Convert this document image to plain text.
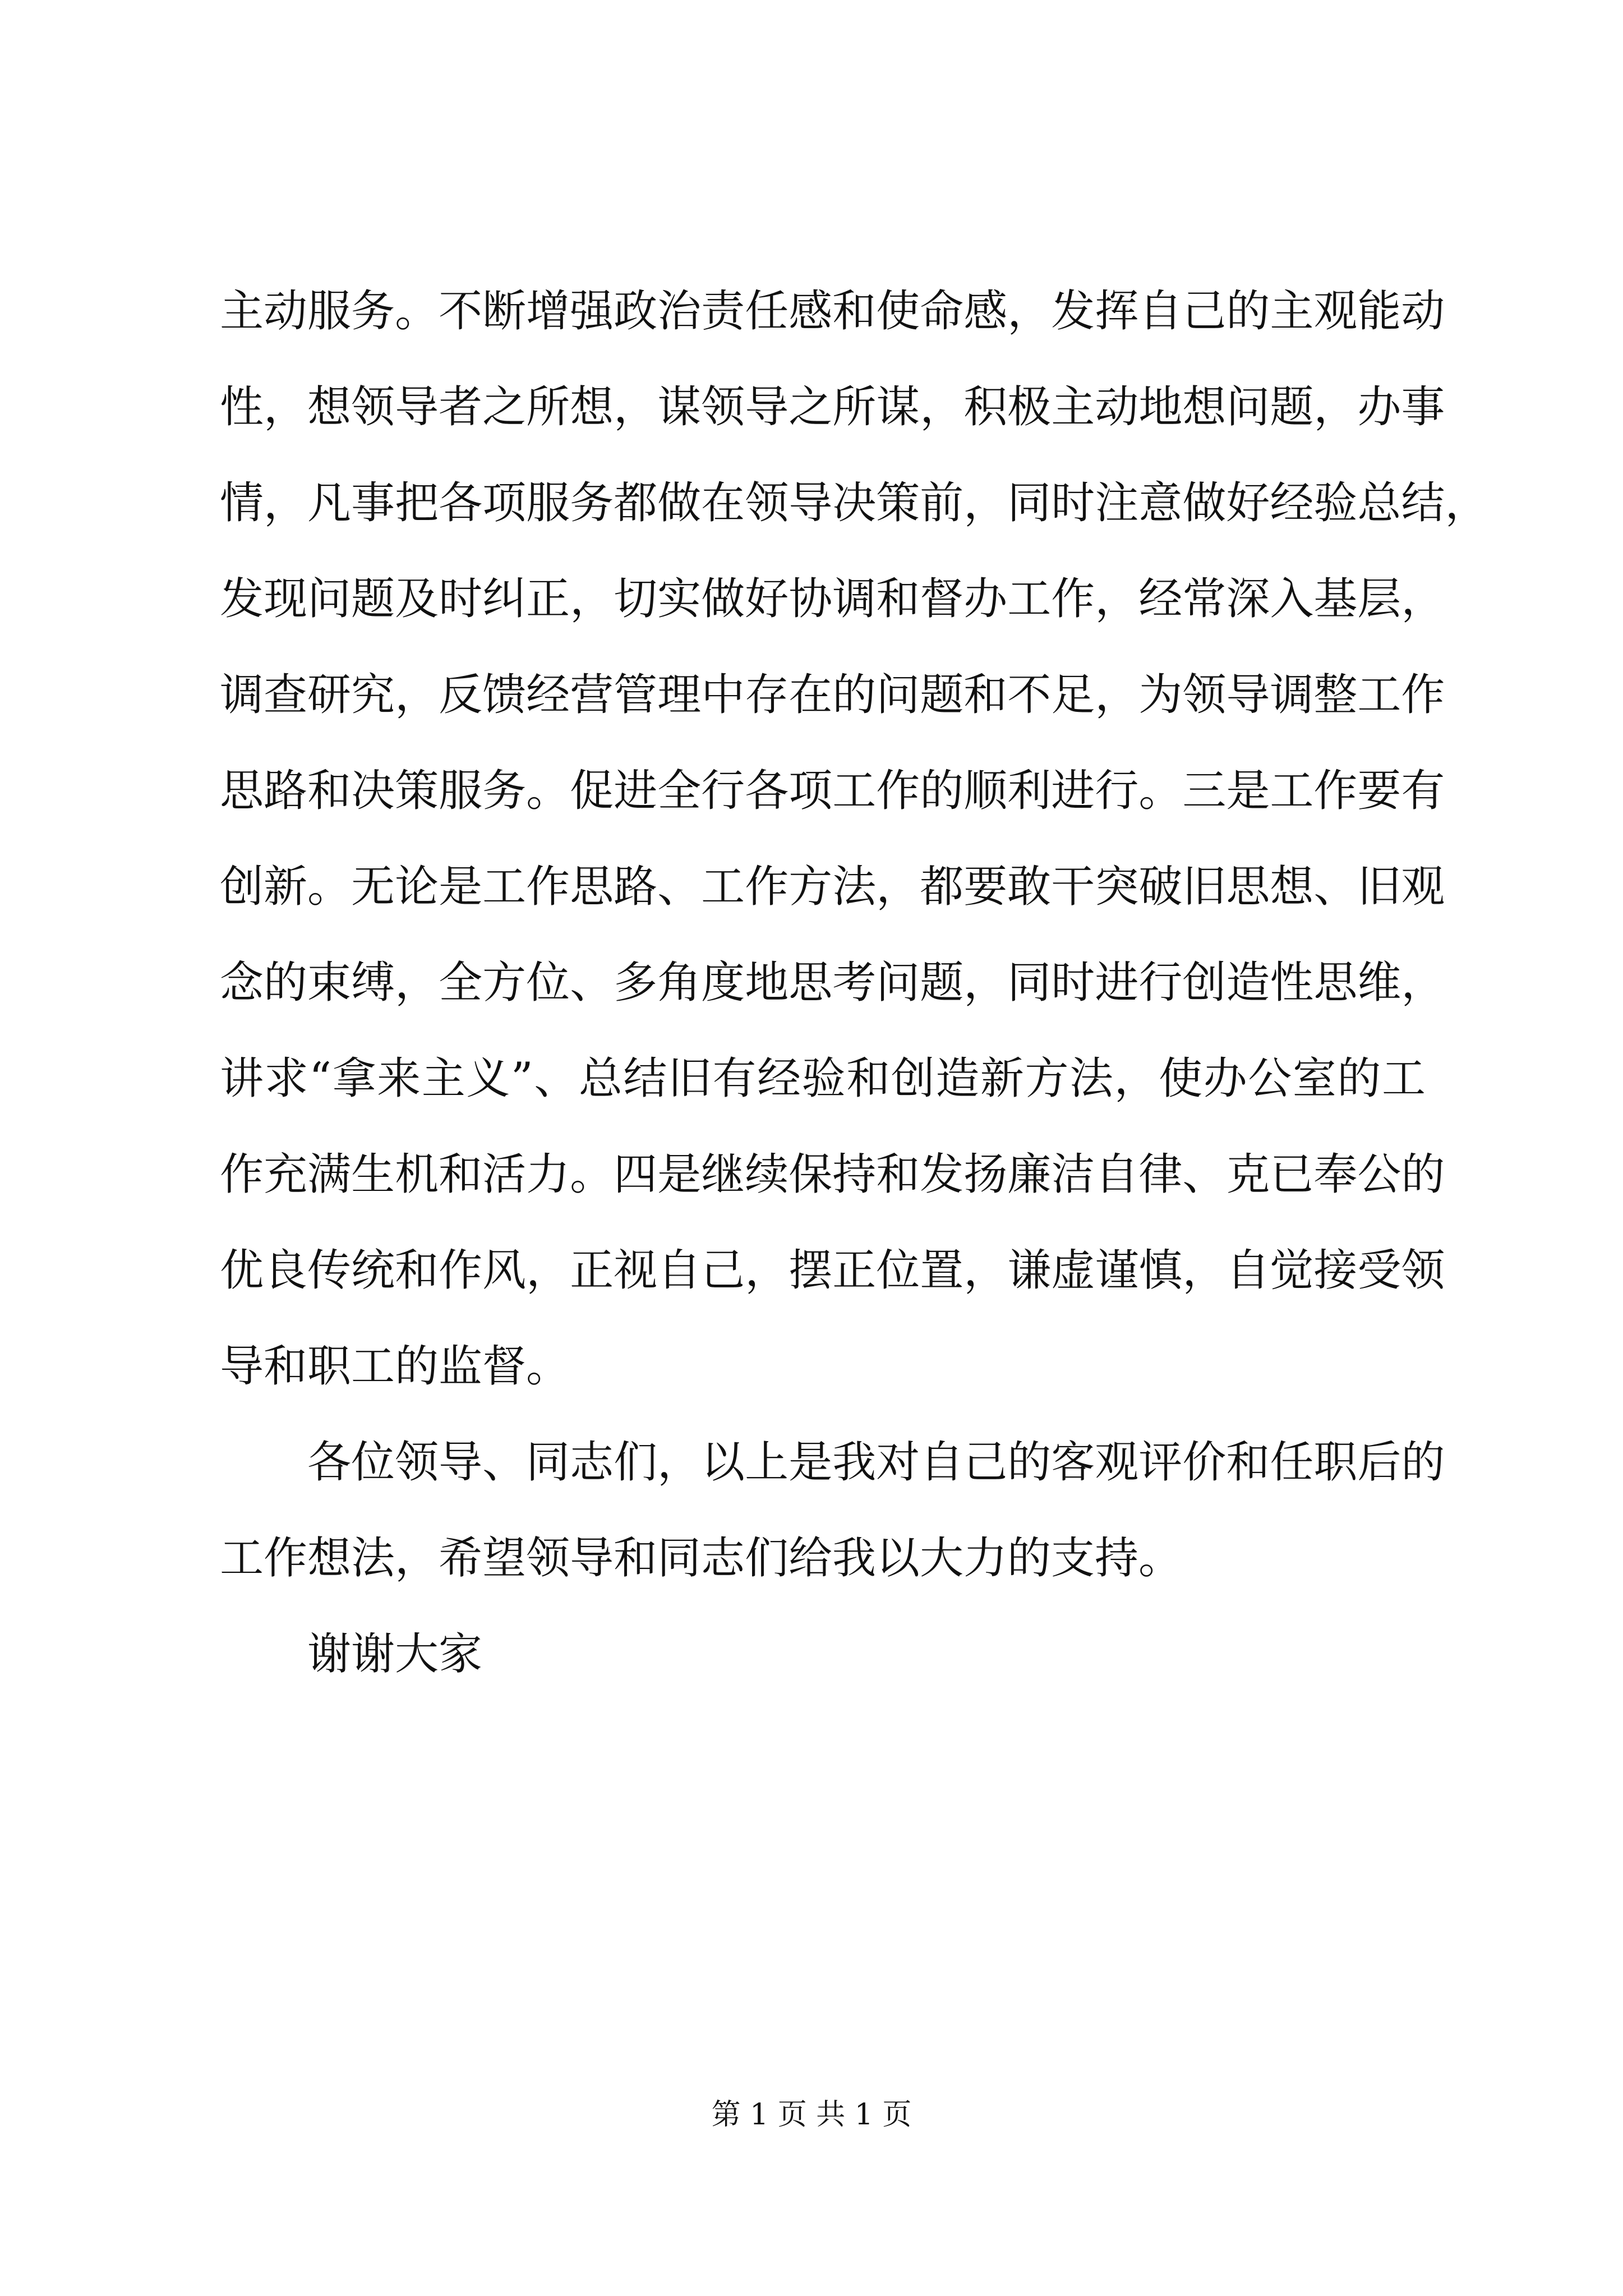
主 动 服 务 。 不 断 增 强 政 治 责 任 感 和 使 命 感 ， 发 挥 自 己 的 主 观 能 动
性 ， 想 领 导 者 之 所 想 ， 谋 领 导 之 所 谋 ， 积 极 主 动 地 想 问 题 ， 办 事
情 ， 凡 事 把 各 项 服 务 都 做 在 领 导 决 策 前 ， 同 时 注 意 做 好 经 验 总 结 ，
发 现 问 题 及 时 纠 正 ， 切 实 做 好 协 调 和 督 办 工 作 ， 经 常 深 入 基 层 ，
调 查 研 究 ， 反 馈 经 营 管 理 中 存 在 的 问 题 和 不 足 ， 为 领 导 调 整 工 作
思 路 和 决 策 服 务 。 促 进 全 行 各 项 工 作 的 顺 利 进 行 。 三 是 工 作 要 有
创 新 。 无 论 是 工 作 思 路 、 工 作 方 法 ， 都 要 敢 干 突 破 旧 思 想 、 旧 观
念 的 束 缚 ， 全 方 位 、 多 角 度 地 思 考 问 题 ， 同 时 进 行 创 造 性 思 维 ，
讲 求 “ 拿 来 主 义 ” 、 总 结 旧 有 经 验 和 创 造 新 方 法 ， 使 办 公 室 的 工
作 充 满 生 机 和 活 力 。 四 是 继 续 保 持 和 发 扬 廉 洁 自 律 、 克 已 奉 公 的
优 良 传 统 和 作 风 ， 正 视 自 己 ， 摆 正 位 置 ， 谦 虚 谨 慎 ， 自 觉 接 受 领
导和职工的监督。
各 位 领 导 、 同 志 们 ， 以 上 是 我 对 自 己 的 客 观 评 价 和 任 职 后 的
工作想法，希望领导和同志们给我以大力的支持。
谢谢大家
第 1 页 共 1 页
